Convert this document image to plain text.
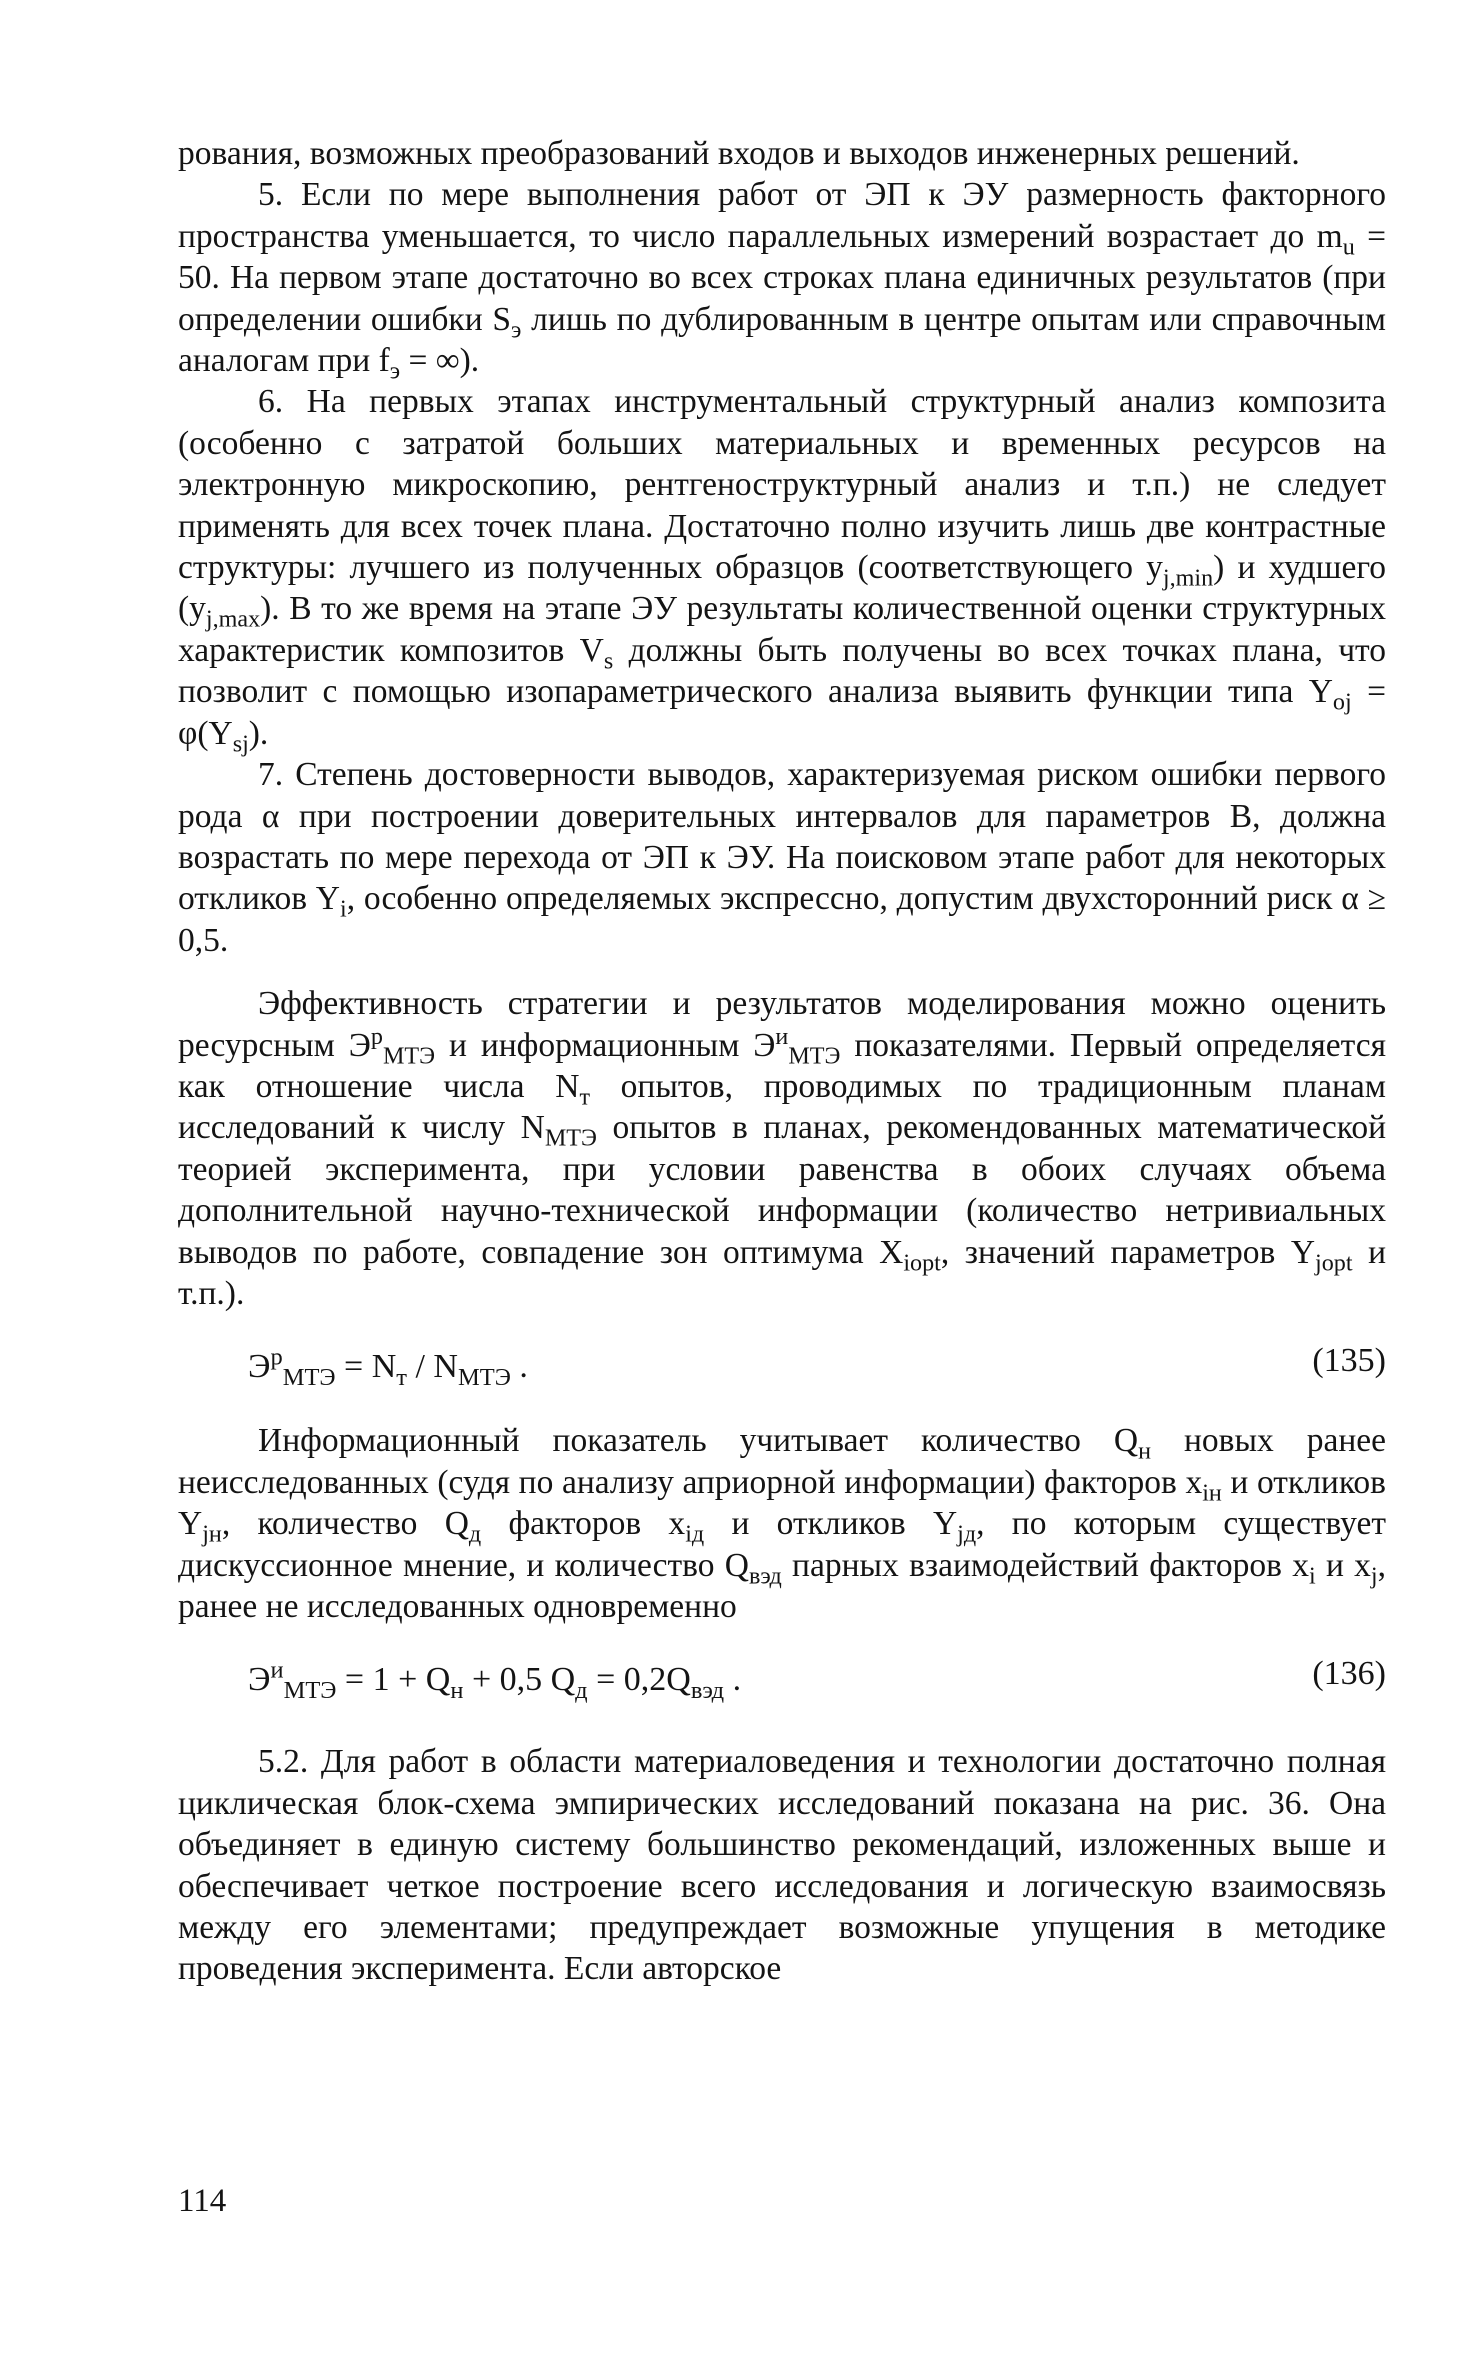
рования, возможных преобразований входов и выходов инженерных решений.

5. Если по мере выполнения работ от ЭП к ЭУ размерность факторного пространства уменьшается, то число параллельных измерений возрастает до $m_u = 50$. На первом этапе достаточно во всех строках плана единичных результатов (при определении ошибки $S_э$ лишь по дублированным в центре опытам или справочным аналогам при $f_э$ = ∞).

6. На первых этапах инструментальный структурный анализ композита (особенно с затратой больших материальных и временных ресурсов на электронную микроскопию, рентгеноструктурный анализ и т.п.) не следует применять для всех точек плана. Достаточно полно изучить лишь две контрастные структуры: лучшего из полученных образцов (соответствующего $y_{j,min}$) и худшего $(y_{j,max})$. В то же время на этапе ЭУ результаты количественной оценки структурных характеристик композитов $V_s$ должны быть получены во всех точках плана, что позволит с помощью изопараметрического анализа выявить функции типа $Y_{oj} = \varphi(Y_{sj})$.

7. Степень достоверности выводов, характеризуемая риском ошибки первого рода α при построении доверительных интервалов для параметров B, должна возрастать по мере перехода от ЭП к ЭУ. На поисковом этапе работ для некоторых откликов $Y_i$, особенно определяемых экспрессно, допустим двухсторонний риск α ≥ 0,5.

Эффективность стратегии и результатов моделирования можно оценить ресурсным $Э^р_{МТЭ}$ и информационным $Э^и_{МТЭ}$ показателями. Первый определяется как отношение числа $N_т$ опытов, проводимых по традиционным планам исследований к числу $N_{МТЭ}$ опытов в планах, рекомендованных математической теорией эксперимента, при условии равенства в обоих случаях объема дополнительной научно-технической информации (количество нетривиальных выводов по работе, совпадение зон оптимума $X_{iopt}$, значений параметров $Y_{jopt}$ и т.п.).

$Э^р_{МТЭ} = N_т / N_{МТЭ}$ .	(135)

Информационный показатель учитывает количество $Q_н$ новых ранее неисследованных (судя по анализу априорной информации) факторов $x_{iн}$ и откликов $Y_{jн}$, количество $Q_д$ факторов $x_{iд}$ и откликов $Y_{jд}$, по которым существует дискуссионное мнение, и количество $Q_{вэд}$ парных взаимодействий факторов $x_i$ и $x_j$, ранее не исследованных одновременно

$Э^и_{МТЭ} = 1 + Q_н + 0,5$ $Q_д = 0,2Q_{вэд}$ .	(136)

5.2. Для работ в области материаловедения и технологии достаточно полная циклическая блок-схема эмпирических исследований показана на рис. 36. Она объединяет в единую систему большинство рекомендаций, изложенных выше и обеспечивает четкое построение всего исследования и логическую взаимосвязь между его элементами; предупреждает возможные упущения в методике проведения эксперимента. Если авторское

114
